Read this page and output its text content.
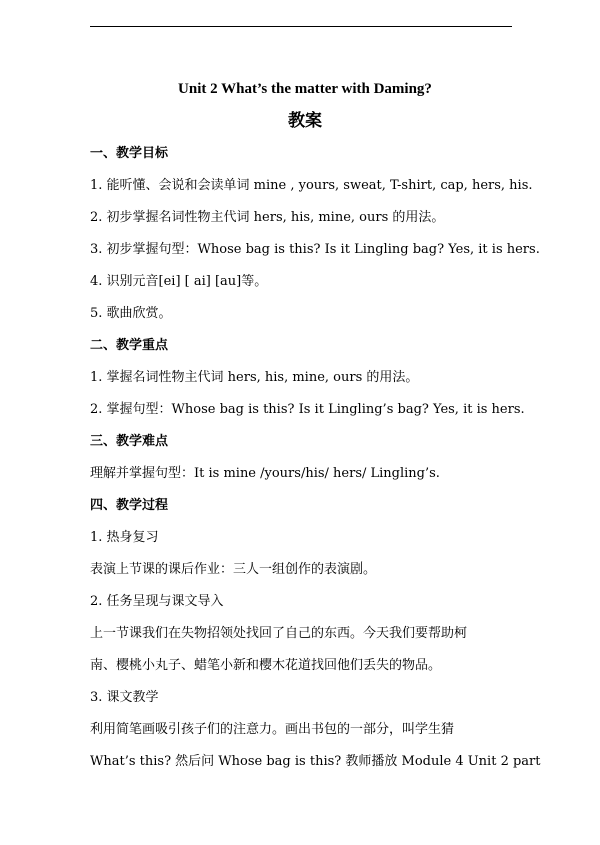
Unit 2 What’s the matter with Daming?
教案

一、教学目标

1. 能听懂、会说和会读单词 mine , yours, sweat, T-shirt, cap, hers, his.

2. 初步掌握名词性物主代词 hers, his, mine, ours 的用法。

3. 初步掌握句型：Whose bag is this? Is it Lingling bag? Yes, it is hers.

4. 识别元音[ei] [ ai] [au]等。

5. 歌曲欣赏。

二、教学重点

1. 掌握名词性物主代词 hers, his, mine, ours 的用法。

2. 掌握句型：Whose bag is this? Is it Lingling’s bag? Yes, it is hers.

三、教学难点

理解并掌握句型：It is mine /yours/his/ hers/ Lingling’s.

四、教学过程

1. 热身复习

表演上节课的课后作业：三人一组创作的表演剧。

2. 任务呈现与课文导入

上一节课我们在失物招领处找回了自己的东西。今天我们要帮助柯

南、樱桃小丸子、蜡笔小新和樱木花道找回他们丢失的物品。

3. 课文教学

利用简笔画吸引孩子们的注意力。画出书包的一部分，叫学生猜

What’s this? 然后问 Whose bag is this? 教师播放 Module 4 Unit 2 part
